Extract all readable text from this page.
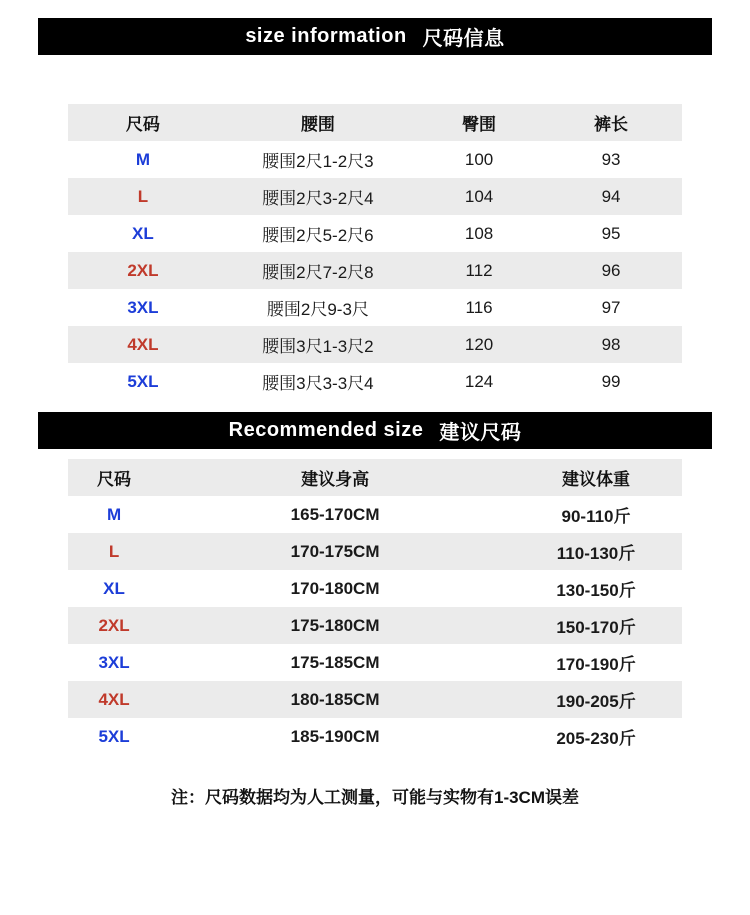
size information 尺码信息
尺码	腰围	臀围	裤长
M	腰围2尺1-2尺3	100	93
L	腰围2尺3-2尺4	104	94
XL	腰围2尺5-2尺6	108	95
2XL	腰围2尺7-2尺8	112	96
3XL	腰围2尺9-3尺	116	97
4XL	腰围3尺1-3尺2	120	98
5XL	腰围3尺3-3尺4	124	99
Recommended size 建议尺码
尺码	建议身高	建议体重
M	165-170CM	90-110斤
L	170-175CM	110-130斤
XL	170-180CM	130-150斤
2XL	175-180CM	150-170斤
3XL	175-185CM	170-190斤
4XL	180-185CM	190-205斤
5XL	185-190CM	205-230斤
注：尺码数据均为人工测量，可能与实物有1-3CM误差
